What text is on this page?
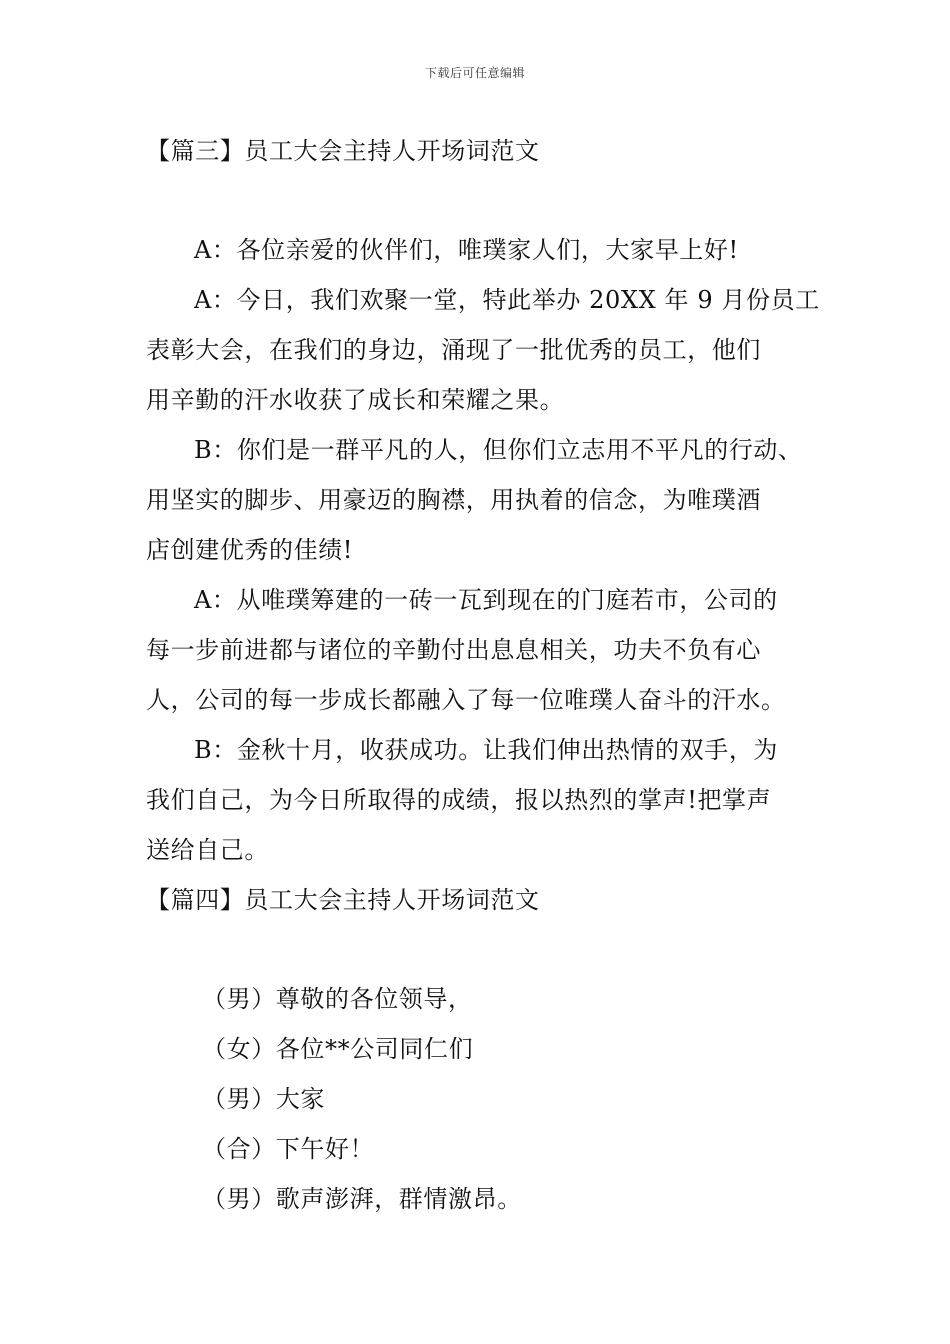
下载后可任意编辑
【篇三】员工大会主持人开场词范文
A：各位亲爱的伙伴们，唯璞家人们，大家早上好!
A：今日，我们欢聚一堂，特此举办 20XX 年 9 月份员工
表彰大会，在我们的身边，涌现了一批优秀的员工，他们
用辛勤的汗水收获了成长和荣耀之果。
B：你们是一群平凡的人，但你们立志用不平凡的行动、
用坚实的脚步、用豪迈的胸襟，用执着的信念，为唯璞酒
店创建优秀的佳绩!
A：从唯璞筹建的一砖一瓦到现在的门庭若市，公司的
每一步前进都与诸位的辛勤付出息息相关，功夫不负有心
人，公司的每一步成长都融入了每一位唯璞人奋斗的汗水。
B：金秋十月，收获成功。让我们伸出热情的双手，为
我们自己，为今日所取得的成绩，报以热烈的掌声!把掌声
送给自己。
【篇四】员工大会主持人开场词范文
（男）尊敬的各位领导，
（女）各位**公司同仁们
（男）大家
（合）下午好！
（男）歌声澎湃，群情激昂。
